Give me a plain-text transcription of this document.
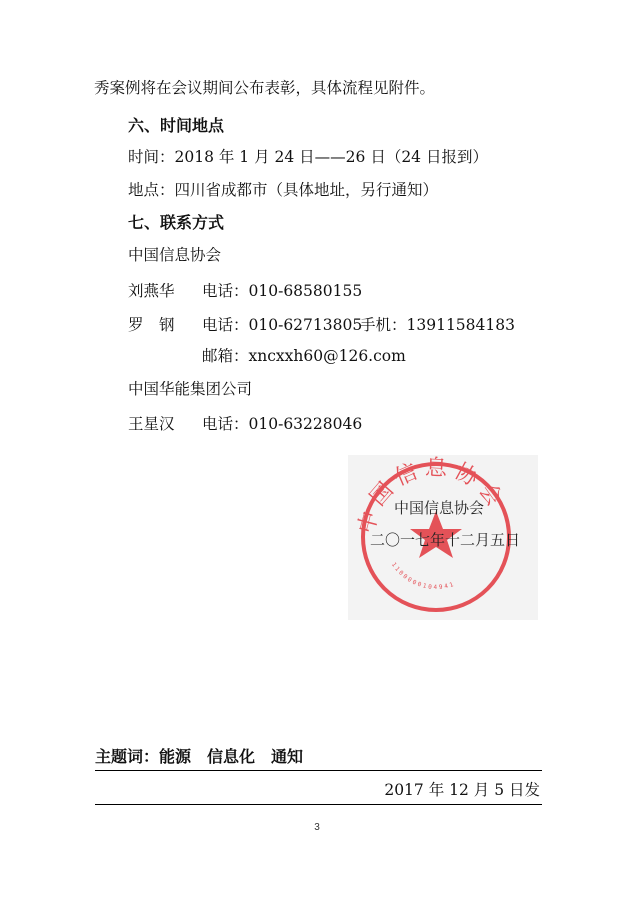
秀案例将在会议期间公布表彰，具体流程见附件。
六、时间地点
时间：2018 年 1 月 24 日——26 日（24 日报到）
地点：四川省成都市（具体地址，另行通知）
七、联系方式
中国信息协会
刘燕华 电话：010-68580155
罗　钢 电话：010-62713805
手机：13911584183
邮箱：xncxxh60@126.com
中国华能集团公司
王星汉 电话：010-63228046
中国信息协会
1100000104941
中国信息协会
二〇一七年十二月五日
主题词：能源　信息化　通知
2017 年 12 月 5 日发
3
